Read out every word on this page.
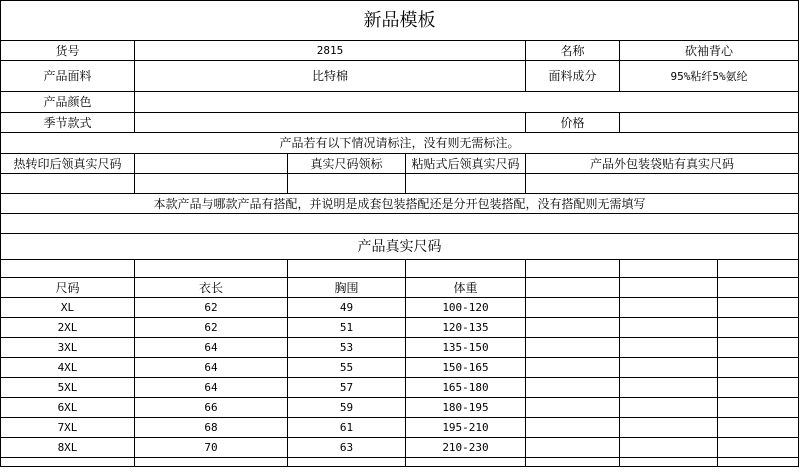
新品模板						
货号	2815			名称	砍袖背心	
产品面料	比特棉			面料成分	95%粘纤5%氨纶	
产品颜色						
季节款式				价格		
产品若有以下情况请标注，没有则无需标注。						
热转印后领真实尺码		真实尺码领标	粘贴式后领真实尺码	产品外包装袋贴有真实尺码		

本款产品与哪款产品有搭配，并说明是成套包装搭配还是分开包装搭配，没有搭配则无需填写						

产品真实尺码						

尺码	衣长	胸围	体重			
XL	62	49	100-120			
2XL	62	51	120-135			
3XL	64	53	135-150			
4XL	64	55	150-165			
5XL	64	57	165-180			
6XL	66	59	180-195			
7XL	68	61	195-210			
8XL	70	63	210-230			
